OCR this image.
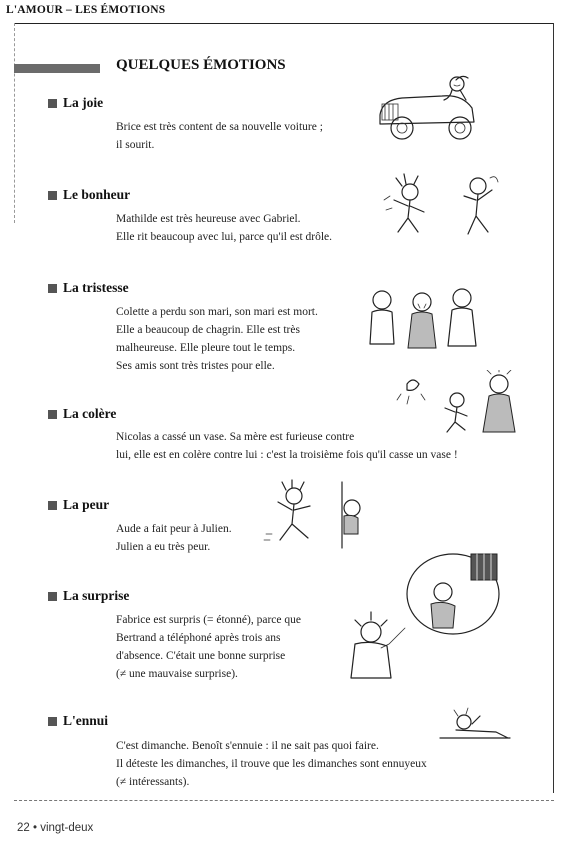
L'AMOUR – LES ÉMOTIONS
QUELQUES ÉMOTIONS
La joie

Brice est très content de sa nouvelle voiture ;

il sourit.

Le bonheur

Mathilde est très heureuse avec Gabriel.

Elle rit beaucoup avec lui, parce qu'il est drôle.

La tristesse

Colette a perdu son mari, son mari est mort.

Elle a beaucoup de chagrin. Elle est très

malheureuse. Elle pleure tout le temps.

Ses amis sont très tristes pour elle.

La colère

Nicolas a cassé un vase. Sa mère est furieuse contre

lui, elle est en colère contre lui : c'est la troisième fois qu'il casse un vase !

La peur

Aude a fait peur à Julien.

Julien a eu très peur.

La surprise

Fabrice est surpris (= étonné), parce que

Bertrand a téléphoné après trois ans

d'absence. C'était une bonne surprise

(≠ une mauvaise surprise).

L'ennui

C'est dimanche. Benoît s'ennuie : il ne sait pas quoi faire.

Il déteste les dimanches, il trouve que les dimanches sont ennuyeux

(≠ intéressants).

22 • vingt-deux
